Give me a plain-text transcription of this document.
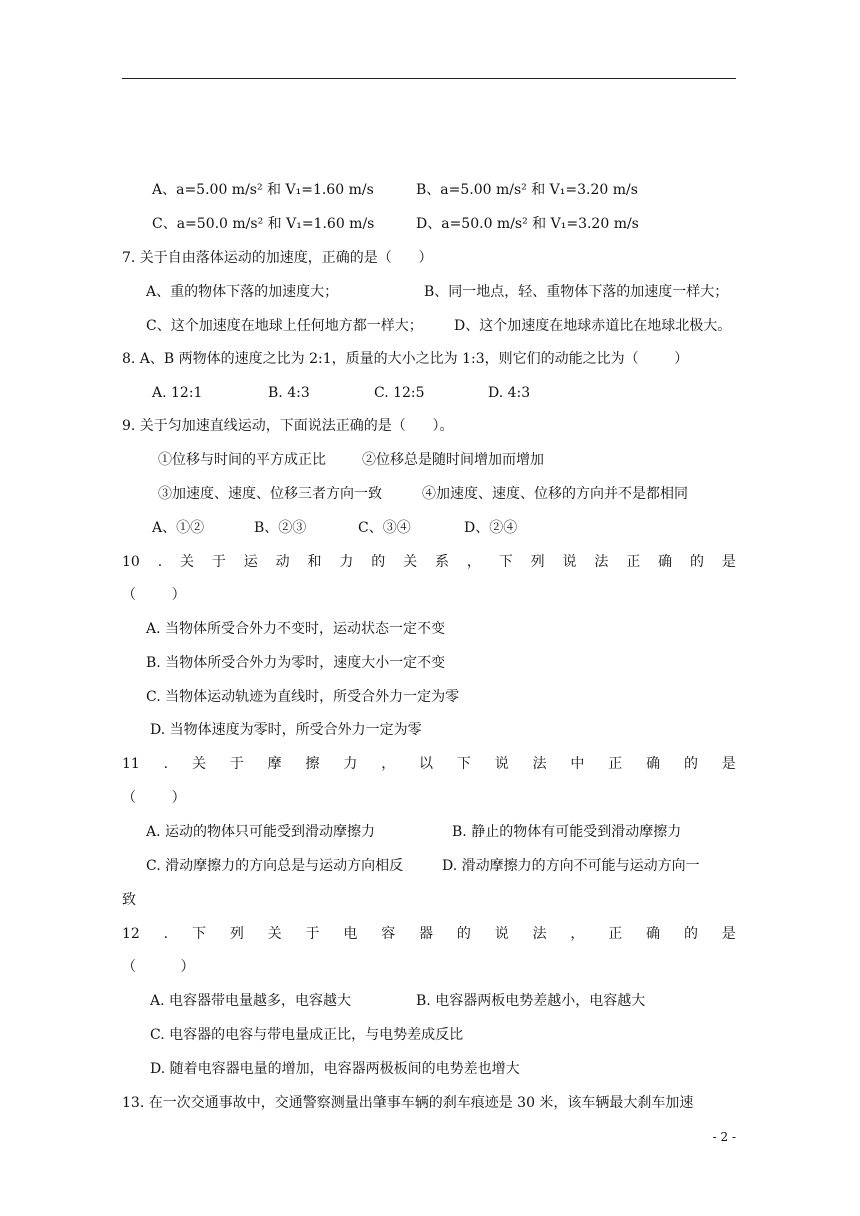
A、a=5.00 m/s² 和 V₁=1.60 m/s	B、a=5.00 m/s² 和 V₁=3.20 m/s
C、a=50.0 m/s² 和 V₁=1.60 m/s	D、a=50.0 m/s² 和 V₁=3.20 m/s
7. 关于自由落体运动的加速度，正确的是（      ）
A、重的物体下落的加速度大；	B、同一地点，轻、重物体下落的加速度一样大；
C、这个加速度在地球上任何地方都一样大； D、这个加速度在地球赤道比在地球北极大。
8. A、B 两物体的速度之比为 2:1，质量的大小之比为 1:3，则它们的动能之比为（        ）
A. 12:1	B. 4:3	C. 12:5	D. 4:3
9. 关于匀加速直线运动，下面说法正确的是（      ）。
①位移与时间的平方成正比	②位移总是随时间增加而增加
③加速度、速度、位移三者方向一致	④加速度、速度、位移的方向并不是都相同
A、①②	B、②③	C、③④	D、②④
10 . 关 于 运 动 和 力 的 关 系 ， 下 列 说 法 正 确 的 是
（        ）
A. 当物体所受合外力不变时，运动状态一定不变
B. 当物体所受合外力为零时，速度大小一定不变
C. 当物体运动轨迹为直线时，所受合外力一定为零
D. 当物体速度为零时，所受合外力一定为零
11 . 关 于 摩 擦 力 ， 以 下 说 法 中 正 确 的 是
（        ）
A. 运动的物体只可能受到滑动摩擦力	B. 静止的物体有可能受到滑动摩擦力
C. 滑动摩擦力的方向总是与运动方向相反	D. 滑动摩擦力的方向不可能与运动方向一
致
12 . 下 列 关 于 电 容 器 的 说 法 ， 正 确 的 是
（          ）
A. 电容器带电量越多，电容越大	B. 电容器两板电势差越小，电容越大
C. 电容器的电容与带电量成正比，与电势差成反比
D. 随着电容器电量的增加，电容器两极板间的电势差也增大
13. 在一次交通事故中，交通警察测量出肇事车辆的刹车痕迹是 30 米，该车辆最大刹车加速
- 2 -
